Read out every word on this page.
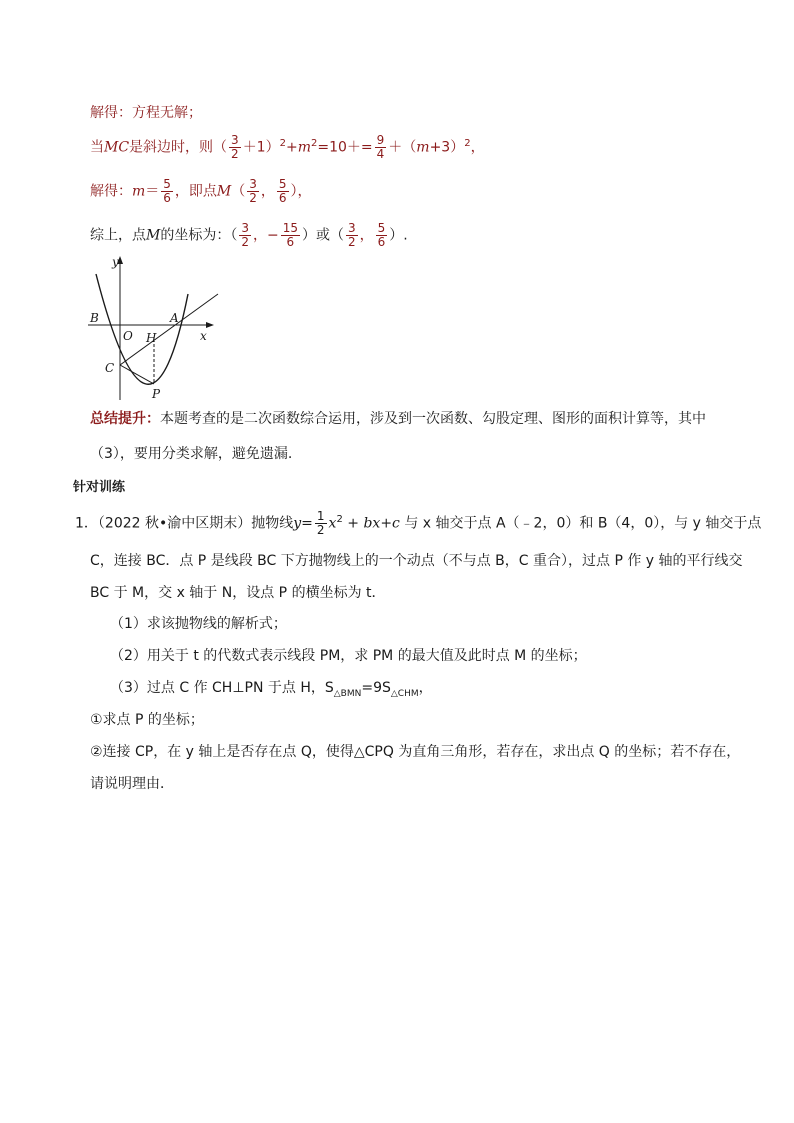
解得：方程无解；
当MC是斜边时，则（ $\frac{3}{2} +1)^2+m^2=10+= \frac{9}{4} +(m+3)^2$，
解得：$m= \frac{5}{6}$ ，即点$M( \frac{3}{2}$ ， $\frac{5}{6}$ ），
综上，点M的坐标为：（ $\frac{3}{2}$ ，− $\frac{15}{6}$ ）或（ $\frac{3}{2}$ ， $\frac{5}{6}$ ）.
y
x
B
O
A
H
C
P
总结提升：本题考查的是二次函数综合运用，涉及到一次函数、勾股定理、图形的面积计算等，其中
（3），要用分类求解，避免遗漏.
针对训练
1．（2022 秋•渝中区期末）抛物线$y= \frac{1}{2} x^2 + bx+c$ 与 x 轴交于点 A（﹣2，0）和 B（4，0），与 y 轴交于点
C，连接 BC．点 P 是线段 BC 下方抛物线上的一个动点（不与点 B，C 重合），过点 P 作 y 轴的平行线交
BC 于 M，交 x 轴于 N，设点 P 的横坐标为 t．
（1）求该抛物线的解析式；
（2）用关于 t 的代数式表示线段 PM，求 PM 的最大值及此时点 M 的坐标；
（3）过点 C 作 CH⊥PN 于点 H，$S_{\triangle BMN}=9S_{\triangle CHM}$，
①求点 P 的坐标；
②连接 CP，在 y 轴上是否存在点 Q，使得△CPQ 为直角三角形，若存在，求出点 Q 的坐标；若不存在，
请说明理由．
